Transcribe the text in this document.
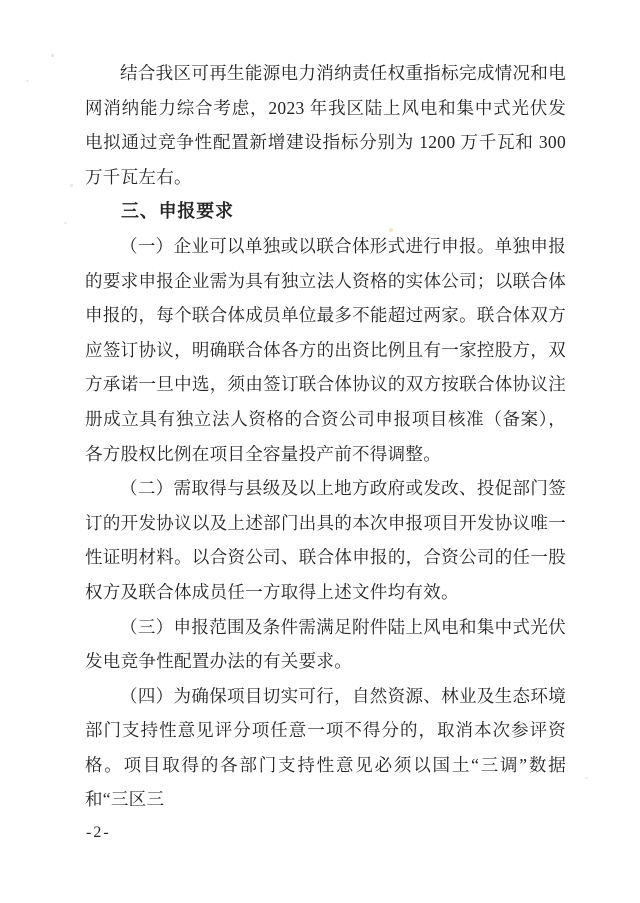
结合我区可再生能源电力消纳责任权重指标完成情况和电网消纳能力综合考虑，2023 年我区陆上风电和集中式光伏发电拟通过竞争性配置新增建设指标分别为 1200 万千瓦和 300 万千瓦左右。

三、申报要求

（一）企业可以单独或以联合体形式进行申报。单独申报的要求申报企业需为具有独立法人资格的实体公司；以联合体申报的，每个联合体成员单位最多不能超过两家。联合体双方应签订协议，明确联合体各方的出资比例且有一家控股方，双方承诺一旦中选，须由签订联合体协议的双方按联合体协议注册成立具有独立法人资格的合资公司申报项目核准（备案），各方股权比例在项目全容量投产前不得调整。

（二）需取得与县级及以上地方政府或发改、投促部门签订的开发协议以及上述部门出具的本次申报项目开发协议唯一性证明材料。以合资公司、联合体申报的，合资公司的任一股权方及联合体成员任一方取得上述文件均有效。

（三）申报范围及条件需满足附件陆上风电和集中式光伏发电竞争性配置办法的有关要求。

（四）为确保项目切实可行，自然资源、林业及生态环境部门支持性意见评分项任意一项不得分的，取消本次参评资格。项目取得的各部门支持性意见必须以国土“三调”数据和“三区三

-2-
